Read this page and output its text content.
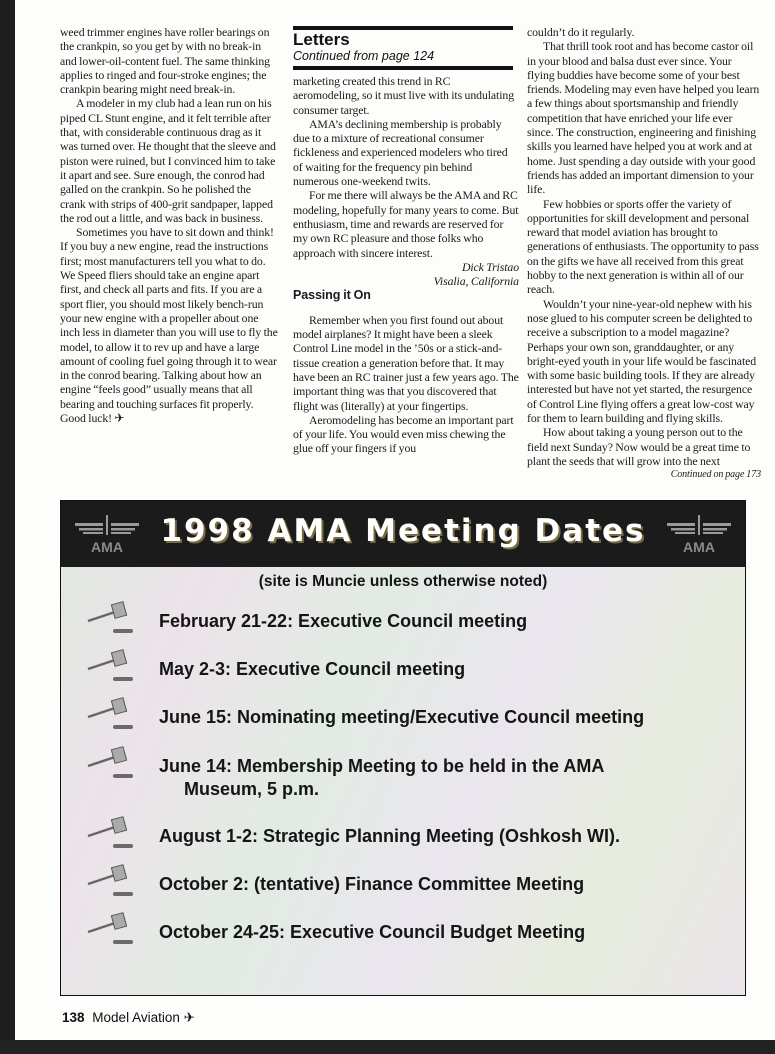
weed trimmer engines have roller bearings on the crankpin, so you get by with no break-in and lower-oil-content fuel. The same thinking applies to ringed and four-stroke engines; the crankpin bearing might need break-in.

A modeler in my club had a lean run on his piped CL Stunt engine, and it felt terrible after that, with considerable continuous drag as it was turned over. He thought that the sleeve and piston were ruined, but I convinced him to take it apart and see. Sure enough, the conrod had galled on the crankpin. So he polished the crank with strips of 400-grit sandpaper, lapped the rod out a little, and was back in business.

Sometimes you have to sit down and think! If you buy a new engine, read the instructions first; most manufacturers tell you what to do. We Speed fliers should take an engine apart first, and check all parts and fits. If you are a sport flier, you should most likely bench-run your new engine with a propeller about one inch less in diameter than you will use to fly the model, to allow it to rev up and have a large amount of cooling fuel going through it to wear in the conrod bearing. Talking about how an engine “feels good” usually means that all bearing and touching surfaces fit properly. Good luck! ✈

Letters
Continued from page 124

marketing created this trend in RC aeromodeling, so it must live with its undulating consumer target.

AMA’s declining membership is probably due to a mixture of recreational consumer fickleness and experienced modelers who tired of waiting for the frequency pin behind numerous one-weekend twits.

For me there will always be the AMA and RC modeling, hopefully for many years to come. But enthusiasm, time and rewards are reserved for my own RC pleasure and those folks who approach with sincere interest.

Dick Tristao
Visalia, California
Passing it On

Remember when you first found out about model airplanes? It might have been a sleek Control Line model in the ’50s or a stick-and-tissue creation a generation before that. It may have been an RC trainer just a few years ago. The important thing was that you discovered that flight was (literally) at your fingertips.

Aeromodeling has become an important part of your life. You would even miss chewing the glue off your fingers if you

couldn’t do it regularly.

That thrill took root and has become castor oil in your blood and balsa dust ever since. Your flying buddies have become some of your best friends. Modeling may even have helped you learn a few things about sportsmanship and friendly competition that have enriched your life ever since. The construction, engineering and finishing skills you learned have helped you at work and at home. Just spending a day outside with your good friends has added an important dimension to your life.

Few hobbies or sports offer the variety of opportunities for skill development and personal reward that model aviation has brought to generations of enthusiasts. The opportunity to pass on the gifts we have all received from this great hobby to the next generation is within all of our reach.

Wouldn’t your nine-year-old nephew with his nose glued to his computer screen be delighted to receive a subscription to a model magazine? Perhaps your own son, granddaughter, or any bright-eyed youth in your life would be fascinated with some basic building tools. If they are already interested but have not yet started, the resurgence of Control Line flying offers a great low-cost way for them to learn building and flying skills.

How about taking a young person out to the field next Sunday? Now would be a great time to plant the seeds that will grow into the next

Continued on page 173
AMA	1998 AMA Meeting Dates	AMA
(site is Muncie unless otherwise noted)
February 21-22: Executive Council meeting
May 2-3: Executive Council meeting
June 15: Nominating meeting/Executive Council meeting
June 14: Membership Meeting to be held in the AMA
Museum, 5 p.m.
August 1-2: Strategic Planning Meeting (Oshkosh WI).
October 2: (tentative) Finance Committee Meeting
October 24-25: Executive Council Budget Meeting
138 Model Aviation ✈
